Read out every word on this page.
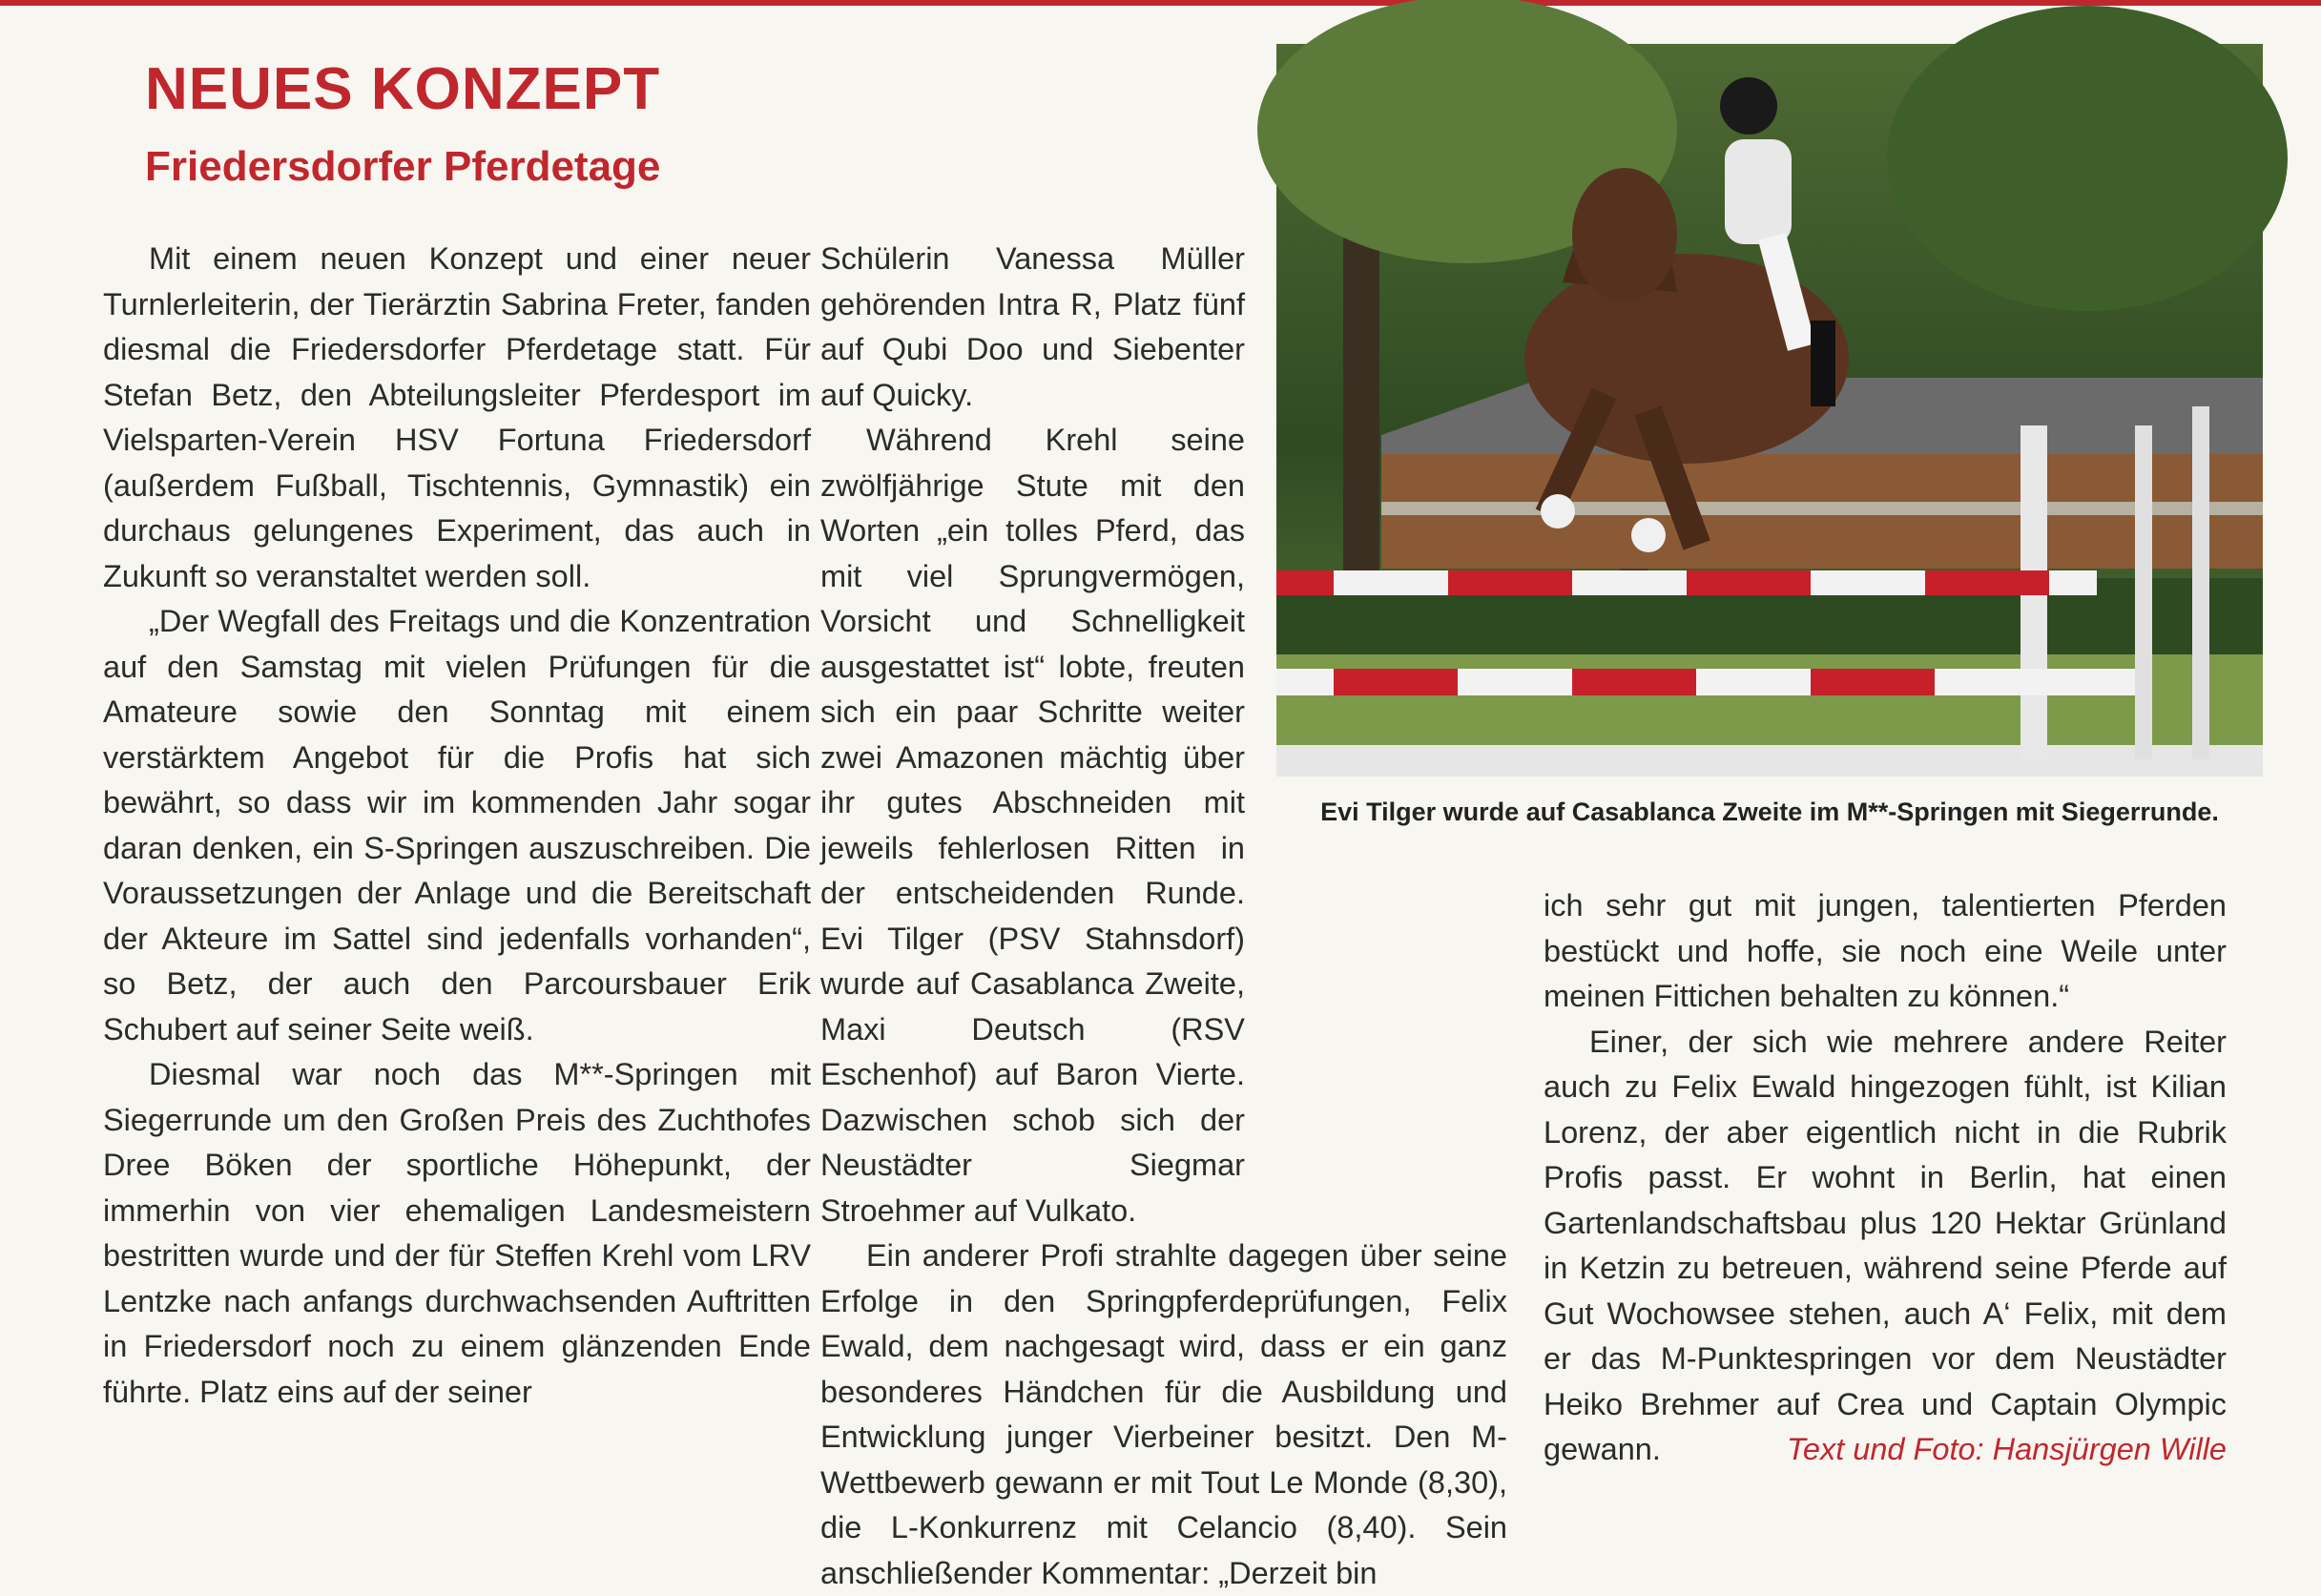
NEUES KONZEPT
Friedersdorfer Pferdetage

Mit einem neuen Konzept und einer neuer Turnlerleiterin, der Tierärztin Sabrina Freter, fanden diesmal die Friedersdorfer Pferdetage statt. Für Stefan Betz, den Abteilungsleiter Pferdesport im Vielsparten-Verein HSV Fortuna Friedersdorf (außerdem Fußball, Tischtennis, Gymnastik) ein durchaus gelungenes Experiment, das auch in Zukunft so veranstaltet werden soll.

„Der Wegfall des Freitags und die Konzentration auf den Samstag mit vielen Prüfungen für die Amateure sowie den Sonntag mit einem verstärktem Angebot für die Profis hat sich bewährt, so dass wir im kommenden Jahr sogar daran denken, ein S-Springen auszuschreiben. Die Voraussetzungen der Anlage und die Bereitschaft der Akteure im Sattel sind jedenfalls vorhanden“, so Betz, der auch den Parcoursbauer Erik Schubert auf seiner Seite weiß.

Diesmal war noch das M**-Springen mit Siegerrunde um den Großen Preis des Zuchthofes Dree Böken der sportliche Höhepunkt, der immerhin von vier ehemaligen Landesmeistern bestritten wurde und der für Steffen Krehl vom LRV Lentzke nach anfangs durchwachsenden Auftritten in Friedersdorf noch zu einem glänzenden Ende führte. Platz eins auf der seiner

Schülerin Vanessa Müller gehörenden Intra R, Platz fünf auf Qubi Doo und Siebenter auf Quicky.

Während Krehl seine zwölfjährige Stute mit den Worten „ein tolles Pferd, das mit viel Sprungvermögen, Vorsicht und Schnelligkeit ausgestattet ist“ lobte, freuten sich ein paar Schritte weiter zwei Amazonen mächtig über ihr gutes Abschneiden mit jeweils fehlerlosen Ritten in der entscheidenden Runde. Evi Tilger (PSV Stahnsdorf) wurde auf Casablanca Zweite, Maxi Deutsch (RSV Eschenhof) auf Baron Vierte. Dazwischen schob sich der Neustädter Siegmar Stroehmer auf Vulkato.

Ein anderer Profi strahlte dagegen über seine Erfolge in den Springpferdeprüfungen, Felix Ewald, dem nachgesagt wird, dass er ein ganz besonderes Händchen für die Ausbildung und Entwicklung junger Vierbeiner besitzt. Den M-Wettbewerb gewann er mit Tout Le Monde (8,30), die L-Konkurrenz mit Celancio (8,40). Sein anschließender Kommentar: „Derzeit bin

Evi Tilger wurde auf Casablanca Zweite im M**-Springen mit Siegerrunde.

ich sehr gut mit jungen, talentierten Pferden bestückt und hoffe, sie noch eine Weile unter meinen Fittichen behalten zu können.“

Einer, der sich wie mehrere andere Reiter auch zu Felix Ewald hingezogen fühlt, ist Kilian Lorenz, der aber eigentlich nicht in die Rubrik Profis passt. Er wohnt in Berlin, hat einen Gartenlandschaftsbau plus 120 Hektar Grünland in Ketzin zu betreuen, während seine Pferde auf Gut Wochowsee stehen, auch A‘ Felix, mit dem er das M-Punktespringen vor dem Neustädter Heiko Brehmer auf Crea und Captain Olympic gewann.	Text und Foto: Hansjürgen Wille
